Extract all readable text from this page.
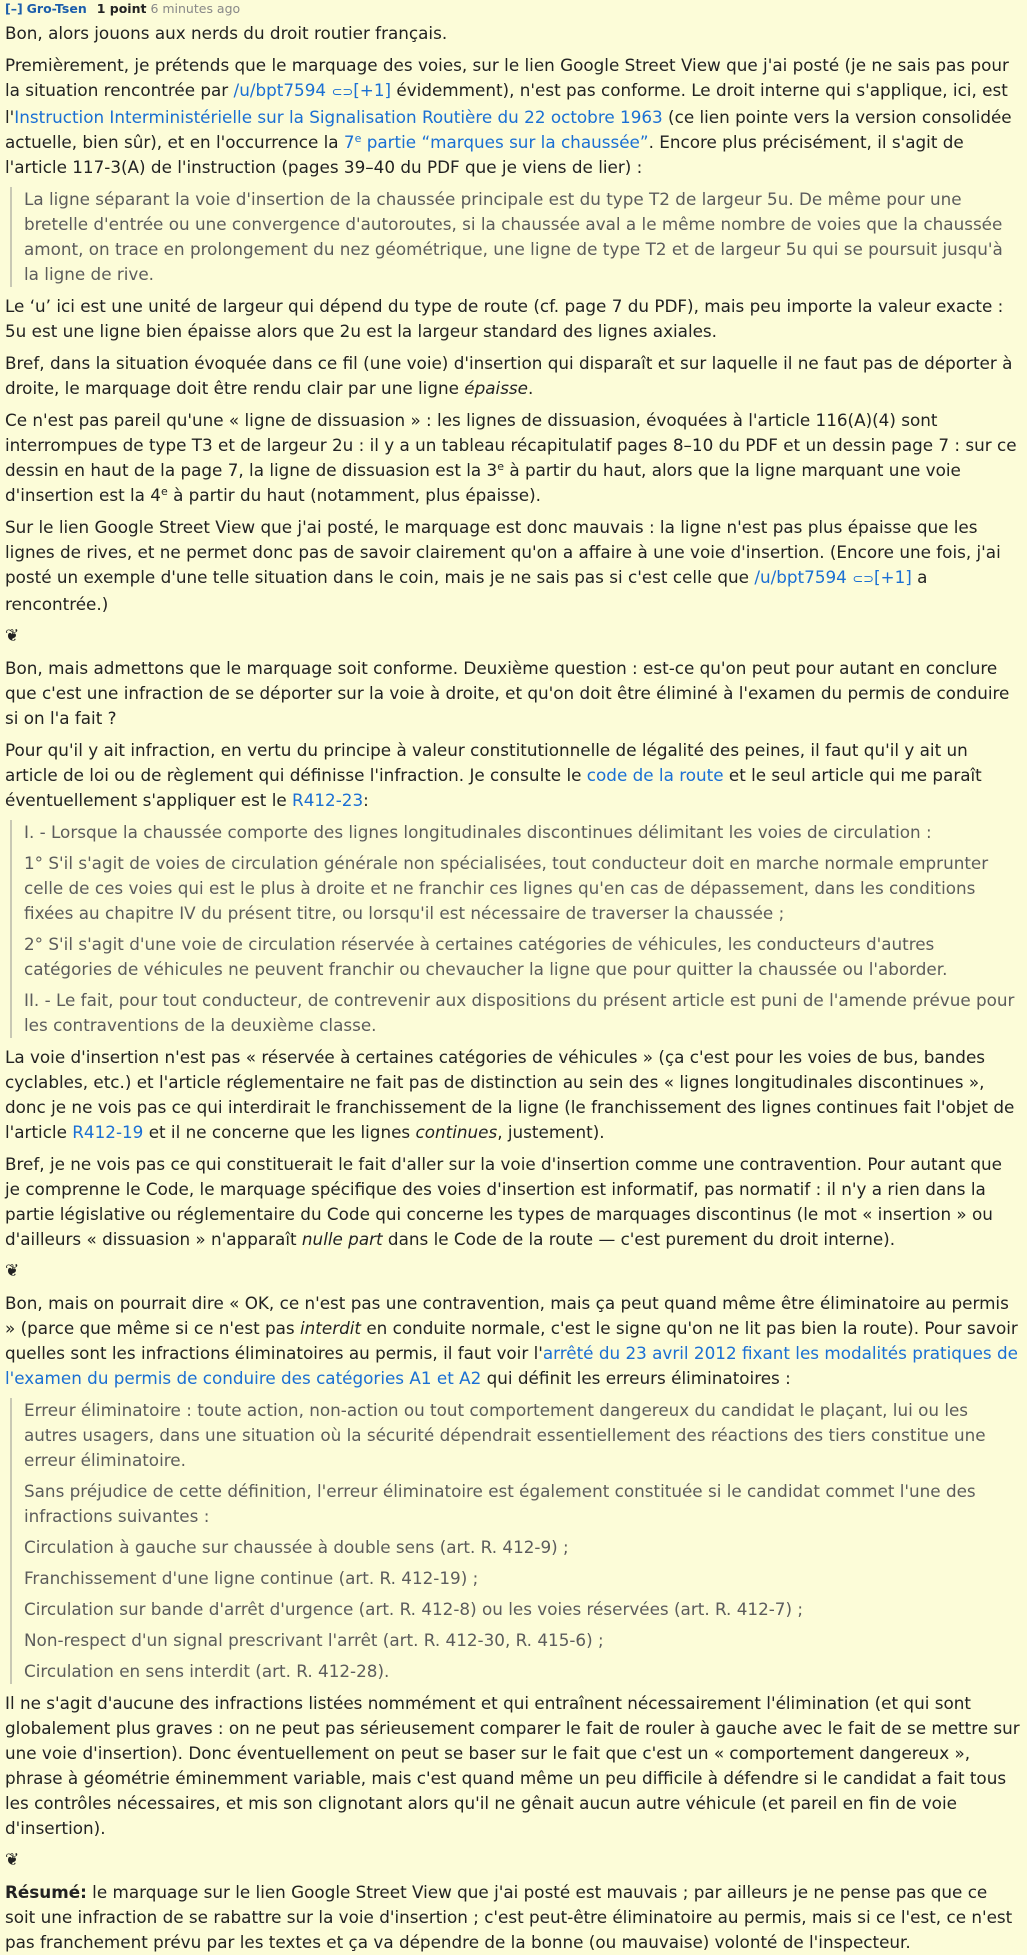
[–] Gro-Tsen 1 point 6 minutes ago

Bon, alors jouons aux nerds du droit routier français.

Premièrement, je prétends que le marquage des voies, sur le lien Google Street View que j'ai posté (je ne sais pas pour la situation rencontrée par /u/bpt7594 ⊂⊃[+1] évidemment), n'est pas conforme. Le droit interne qui s'applique, ici, est l'Instruction Interministérielle sur la Signalisation Routière du 22 octobre 1963 (ce lien pointe vers la version consolidée actuelle, bien sûr), et en l'occurrence la 7e partie “marques sur la chaussée”. Encore plus précisément, il s'agit de l'article 117-3(A) de l'instruction (pages 39–40 du PDF que je viens de lier) :

La ligne séparant la voie d'insertion de la chaussée principale est du type T2 de largeur 5u. De même pour une bretelle d'entrée ou une convergence d'autoroutes, si la chaussée aval a le même nombre de voies que la chaussée amont, on trace en prolongement du nez géométrique, une ligne de type T2 et de largeur 5u qui se poursuit jusqu'à la ligne de rive.

Le ‘u’ ici est une unité de largeur qui dépend du type de route (cf. page 7 du PDF), mais peu importe la valeur exacte : 5u est une ligne bien épaisse alors que 2u est la largeur standard des lignes axiales.

Bref, dans la situation évoquée dans ce fil (une voie) d'insertion qui disparaît et sur laquelle il ne faut pas de déporter à droite, le marquage doit être rendu clair par une ligne épaisse.

Ce n'est pas pareil qu'une « ligne de dissuasion » : les lignes de dissuasion, évoquées à l'article 116(A)(4) sont interrompues de type T3 et de largeur 2u : il y a un tableau récapitulatif pages 8–10 du PDF et un dessin page 7 : sur ce dessin en haut de la page 7, la ligne de dissuasion est la 3e à partir du haut, alors que la ligne marquant une voie d'insertion est la 4e à partir du haut (notamment, plus épaisse).

Sur le lien Google Street View que j'ai posté, le marquage est donc mauvais : la ligne n'est pas plus épaisse que les lignes de rives, et ne permet donc pas de savoir clairement qu'on a affaire à une voie d'insertion. (Encore une fois, j'ai posté un exemple d'une telle situation dans le coin, mais je ne sais pas si c'est celle que /u/bpt7594 ⊂⊃[+1] a rencontrée.)

❦

Bon, mais admettons que le marquage soit conforme. Deuxième question : est-ce qu'on peut pour autant en conclure que c'est une infraction de se déporter sur la voie à droite, et qu'on doit être éliminé à l'examen du permis de conduire si on l'a fait ?

Pour qu'il y ait infraction, en vertu du principe à valeur constitutionnelle de légalité des peines, il faut qu'il y ait un article de loi ou de règlement qui définisse l'infraction. Je consulte le code de la route et le seul article qui me paraît éventuellement s'appliquer est le R412-23:

I. - Lorsque la chaussée comporte des lignes longitudinales discontinues délimitant les voies de circulation :

1° S'il s'agit de voies de circulation générale non spécialisées, tout conducteur doit en marche normale emprunter celle de ces voies qui est le plus à droite et ne franchir ces lignes qu'en cas de dépassement, dans les conditions fixées au chapitre IV du présent titre, ou lorsqu'il est nécessaire de traverser la chaussée ;

2° S'il s'agit d'une voie de circulation réservée à certaines catégories de véhicules, les conducteurs d'autres catégories de véhicules ne peuvent franchir ou chevaucher la ligne que pour quitter la chaussée ou l'aborder.

II. - Le fait, pour tout conducteur, de contrevenir aux dispositions du présent article est puni de l'amende prévue pour les contraventions de la deuxième classe.

La voie d'insertion n'est pas « réservée à certaines catégories de véhicules » (ça c'est pour les voies de bus, bandes cyclables, etc.) et l'article réglementaire ne fait pas de distinction au sein des « lignes longitudinales discontinues », donc je ne vois pas ce qui interdirait le franchissement de la ligne (le franchissement des lignes continues fait l'objet de l'article R412-19 et il ne concerne que les lignes continues, justement).

Bref, je ne vois pas ce qui constituerait le fait d'aller sur la voie d'insertion comme une contravention. Pour autant que je comprenne le Code, le marquage spécifique des voies d'insertion est informatif, pas normatif : il n'y a rien dans la partie législative ou réglementaire du Code qui concerne les types de marquages discontinus (le mot « insertion » ou d'ailleurs « dissuasion » n'apparaît nulle part dans le Code de la route — c'est purement du droit interne).

❦

Bon, mais on pourrait dire « OK, ce n'est pas une contravention, mais ça peut quand même être éliminatoire au permis » (parce que même si ce n'est pas interdit en conduite normale, c'est le signe qu'on ne lit pas bien la route). Pour savoir quelles sont les infractions éliminatoires au permis, il faut voir l'arrêté du 23 avril 2012 fixant les modalités pratiques de l'examen du permis de conduire des catégories A1 et A2 qui définit les erreurs éliminatoires :

Erreur éliminatoire : toute action, non-action ou tout comportement dangereux du candidat le plaçant, lui ou les autres usagers, dans une situation où la sécurité dépendrait essentiellement des réactions des tiers constitue une erreur éliminatoire.

Sans préjudice de cette définition, l'erreur éliminatoire est également constituée si le candidat commet l'une des infractions suivantes :

Circulation à gauche sur chaussée à double sens (art. R. 412-9) ;

Franchissement d'une ligne continue (art. R. 412-19) ;

Circulation sur bande d'arrêt d'urgence (art. R. 412-8) ou les voies réservées (art. R. 412-7) ;

Non-respect d'un signal prescrivant l'arrêt (art. R. 412-30, R. 415-6) ;

Circulation en sens interdit (art. R. 412-28).

Il ne s'agit d'aucune des infractions listées nommément et qui entraînent nécessairement l'élimination (et qui sont globalement plus graves : on ne peut pas sérieusement comparer le fait de rouler à gauche avec le fait de se mettre sur une voie d'insertion). Donc éventuellement on peut se baser sur le fait que c'est un « comportement dangereux », phrase à géométrie éminemment variable, mais c'est quand même un peu difficile à défendre si le candidat a fait tous les contrôles nécessaires, et mis son clignotant alors qu'il ne gênait aucun autre véhicule (et pareil en fin de voie d'insertion).

❦

Résumé: le marquage sur le lien Google Street View que j'ai posté est mauvais ; par ailleurs je ne pense pas que ce soit une infraction de se rabattre sur la voie d'insertion ; c'est peut-être éliminatoire au permis, mais si ce l'est, ce n'est pas franchement prévu par les textes et ça va dépendre de la bonne (ou mauvaise) volonté de l'inspecteur.
